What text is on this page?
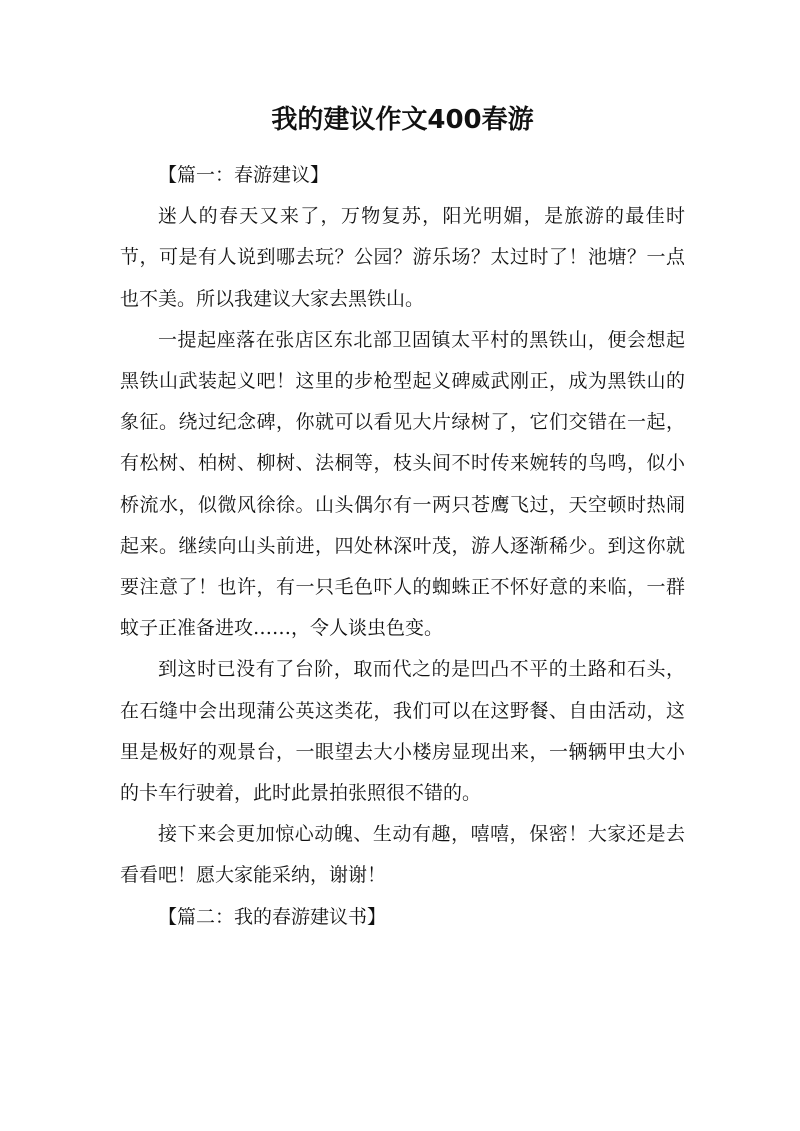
我的建议作文400春游
【篇一：春游建议】

迷人的春天又来了，万物复苏，阳光明媚，是旅游的最佳时节，可是有人说到哪去玩？公园？游乐场？太过时了！池塘？一点也不美。所以我建议大家去黑铁山。

一提起座落在张店区东北部卫固镇太平村的黑铁山，便会想起黑铁山武装起义吧！这里的步枪型起义碑威武刚正，成为黑铁山的象征。绕过纪念碑，你就可以看见大片绿树了，它们交错在一起，有松树、柏树、柳树、法桐等，枝头间不时传来婉转的鸟鸣，似小桥流水，似微风徐徐。山头偶尔有一两只苍鹰飞过，天空顿时热闹起来。继续向山头前进，四处林深叶茂，游人逐渐稀少。到这你就要注意了！也许，有一只毛色吓人的蜘蛛正不怀好意的来临，一群蚊子正准备进攻……，令人谈虫色变。

到这时已没有了台阶，取而代之的是凹凸不平的土路和石头，在石缝中会出现蒲公英这类花，我们可以在这野餐、自由活动，这里是极好的观景台，一眼望去大小楼房显现出来，一辆辆甲虫大小的卡车行驶着，此时此景拍张照很不错的。

接下来会更加惊心动魄、生动有趣，嘻嘻，保密！大家还是去看看吧！愿大家能采纳，谢谢！

【篇二：我的春游建议书】
